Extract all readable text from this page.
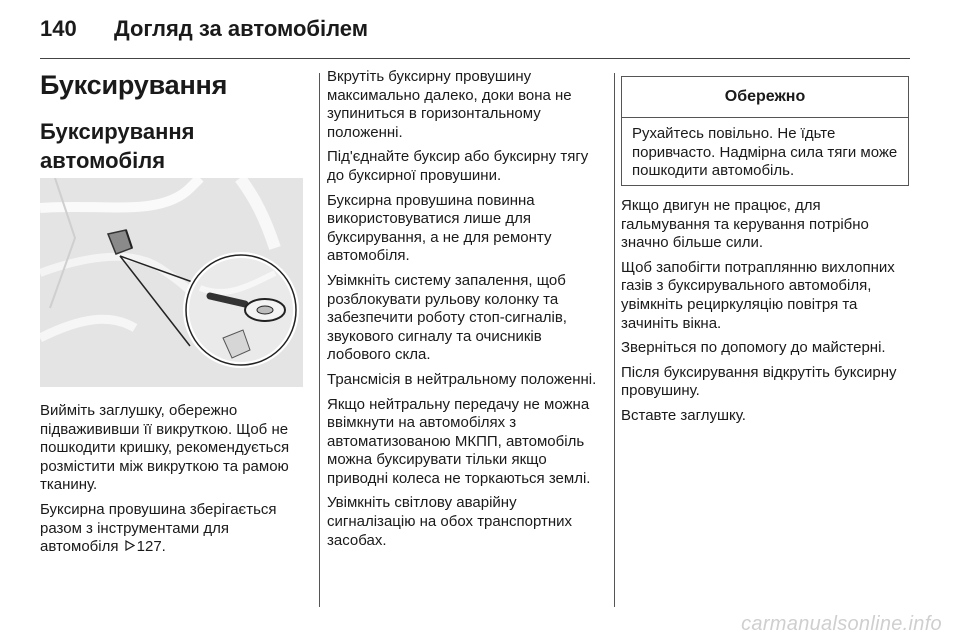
140 Догляд за автомобілем
Буксирування
Буксирування автомобіля

Вийміть заглушку, обережно підважививши її викруткою. Щоб не пошкодити кришку, рекомендується розмістити між викруткою та рамою тканину.

Буксирна провушина зберігається разом з інструментами для автомобіля 127.

Вкрутіть буксирну провушину максимально далеко, доки вона не зупиниться в горизонтальному положенні.

Під'єднайте буксир або буксирну тягу до буксирної провушини.

Буксирна провушина повинна використовуватися лише для буксирування, а не для ремонту автомобіля.

Увімкніть систему запалення, щоб розблокувати рульову колонку та забезпечити роботу стоп-сигналів, звукового сигналу та очисників лобового скла.

Трансмісія в нейтральному положенні.

Якщо нейтральну передачу не можна ввімкнути на автомобілях з автоматизованою МКПП, автомобіль можна буксирувати тільки якщо приводні колеса не торкаються землі.

Увімкніть світлову аварійну сигналізацію на обох транспортних засобах.

Обережно
Рухайтесь повільно. Не їдьте поривчасто. Надмірна сила тяги може пошкодити автомобіль.

Якщо двигун не працює, для гальмування та керування потрібно значно більше сили.

Щоб запобігти потраплянню вихлопних газів з буксирувального автомобіля, увімкніть рециркуляцію повітря та зачиніть вікна.

Зверніться по допомогу до майстерні.

Після буксирування відкрутіть буксирну провушину.

Вставте заглушку.

carmanualsonline.info
